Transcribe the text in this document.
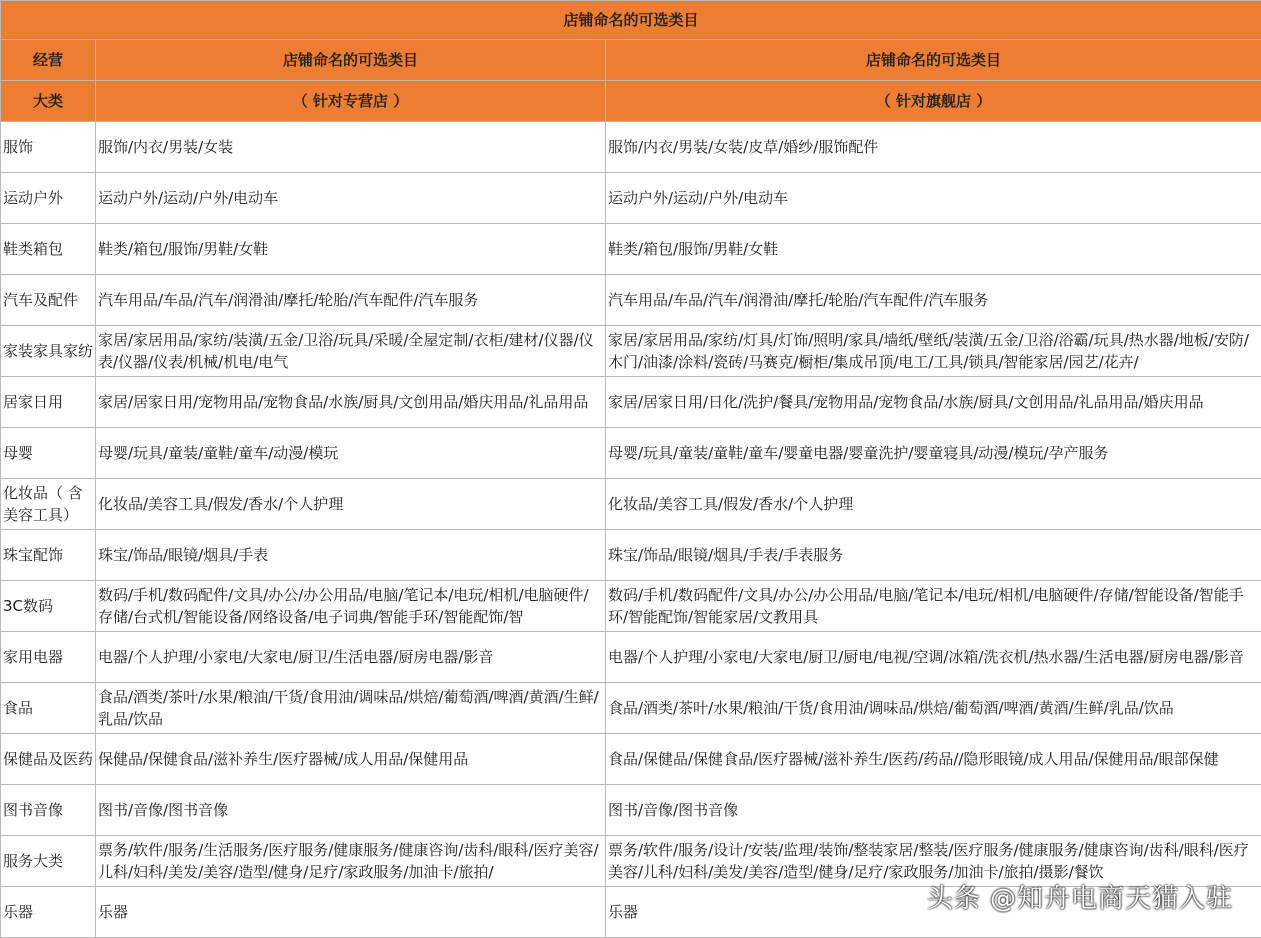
店铺命名的可选类目		
经营	店铺命名的可选类目	店铺命名的可选类目
大类	（ 针对专营店 ）	（ 针对旗舰店 ）

服饰	服饰/内衣/男装/女装	服饰/内衣/男装/女装/皮草/婚纱/服饰配件

运动户外	运动户外/运动/户外/电动车	运动户外/运动/户外/电动车

鞋类箱包	鞋类/箱包/服饰/男鞋/女鞋	鞋类/箱包/服饰/男鞋/女鞋

汽车及配件	汽车用品/车品/汽车/润滑油/摩托/轮胎/汽车配件/汽车服务	汽车用品/车品/汽车/润滑油/摩托/轮胎/汽车配件/汽车服务

家装家具家纺	家居/家居用品/家纺/装潢/五金/卫浴/玩具/采暖/全屋定制/衣柜/建材/仪器/仪表/仪器/仪表/机械/机电/电气	家居/家居用品/家纺/灯具/灯饰/照明/家具/墙纸/壁纸/装潢/五金/卫浴/浴霸/玩具/热水器/地板/安防/木门/油漆/涂料/瓷砖/马赛克/橱柜/集成吊顶/电工/工具/锁具/智能家居/园艺/花卉/

居家日用	家居/居家日用/宠物用品/宠物食品/水族/厨具/文创用品/婚庆用品/礼品用品	家居/居家日用/日化/洗护/餐具/宠物用品/宠物食品/水族/厨具/文创用品/礼品用品/婚庆用品

母婴	母婴/玩具/童装/童鞋/童车/动漫/模玩	母婴/玩具/童装/童鞋/童车/婴童电器/婴童洗护/婴童寝具/动漫/模玩/孕产服务

化妆品（ 含美容工具）	化妆品/美容工具/假发/香水/个人护理	化妆品/美容工具/假发/香水/个人护理

珠宝配饰	珠宝/饰品/眼镜/烟具/手表	珠宝/饰品/眼镜/烟具/手表/手表服务

3C数码	数码/手机/数码配件/文具/办公/办公用品/电脑/笔记本/电玩/相机/电脑硬件/存储/台式机/智能设备/网络设备/电子词典/智能手环/智能配饰/智	数码/手机/数码配件/文具/办公/办公用品/电脑/笔记本/电玩/相机/电脑硬件/存储/智能设备/智能手环/智能配饰/智能家居/文教用具

家用电器	电器/个人护理/小家电/大家电/厨卫/生活电器/厨房电器/影音	电器/个人护理/小家电/大家电/厨卫/厨电/电视/空调/冰箱/洗衣机/热水器/生活电器/厨房电器/影音

食品	食品/酒类/茶叶/水果/粮油/干货/食用油/调味品/烘焙/葡萄酒/啤酒/黄酒/生鲜/乳品/饮品	食品/酒类/茶叶/水果/粮油/干货/食用油/调味品/烘焙/葡萄酒/啤酒/黄酒/生鲜/乳品/饮品

保健品及医药	保健品/保健食品/滋补养生/医疗器械/成人用品/保健用品	食品/保健品/保健食品/医疗器械/滋补养生/医药/药品//隐形眼镜/成人用品/保健用品/眼部保健

图书音像	图书/音像/图书音像	图书/音像/图书音像

服务大类	票务/软件/服务/生活服务/医疗服务/健康服务/健康咨询/齿科/眼科/医疗美容/儿科/妇科/美发/美容/造型/健身/足疗/家政服务/加油卡/旅拍/	票务/软件/服务/设计/安装/监理/装饰/整装家居/整装/医疗服务/健康服务/健康咨询/齿科/眼科/医疗美容/儿科/妇科/美发/美容/造型/健身/足疗/家政服务/加油卡/旅拍/摄影/餐饮

乐器	乐器	乐器	头条 @知舟电商天猫入驻
